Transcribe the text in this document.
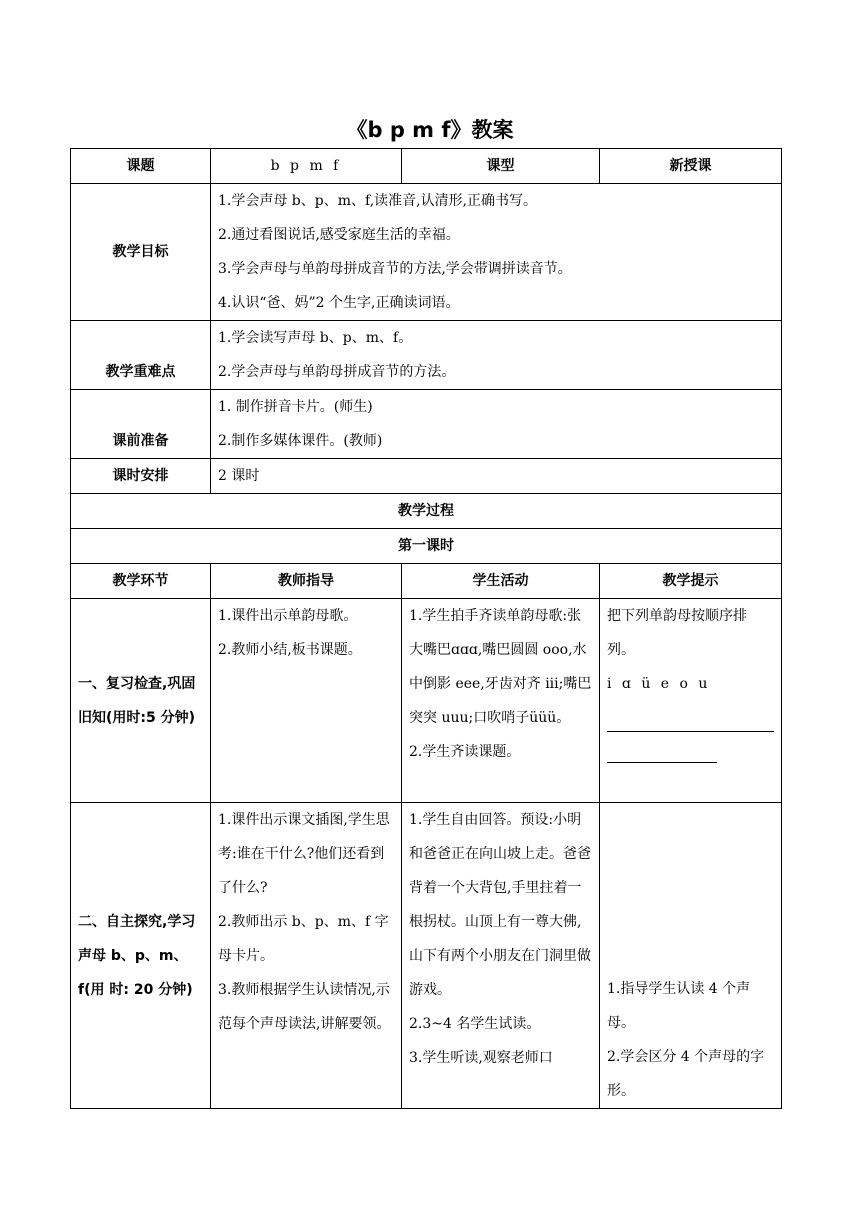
《b p m f》教案
课题	b p m f	课型	新授课
教学目标	1.学会声母 b、p、m、f,读准音,认清形,正确书写。
2.通过看图说话,感受家庭生活的幸福。
3.学会声母与单韵母拼成音节的方法,学会带调拼读音节。
4.认识“爸、妈”2 个生字,正确读词语。		

教学重难点	1.学会读写声母 b、p、m、f。
2.学会声母与单韵母拼成音节的方法。		

课前准备	1. 制作拼音卡片。(师生)
2.制作多媒体课件。(教师)		

课时安排	2 课时		
教学过程			
第一课时			
教学环节	教师指导	学生活动	教学提示
一、复习检查,巩固旧知(用时:5 分钟)	1.课件出示单韵母歌。
2.教师小结,板书课题。	1.学生拍手齐读单韵母歌:张大嘴巴ɑɑɑ,嘴巴圆圆 ooo,水中倒影 eee,牙齿对齐 iii;嘴巴突突 uuu;口吹哨子üüü。
2.学生齐读课题。	把下列单韵母按顺序排列。
i ɑ ü e o u

二、自主探究,学习声母 b、p、m、f(用 时: 20 分钟)	1.课件出示课文插图,学生思考:谁在干什么?他们还看到了什么?
2.教师出示 b、p、m、f 字母卡片。
3.教师根据学生认读情况,示范每个声母读法,讲解要领。	1.学生自由回答。预设:小明和爸爸正在向山坡上走。爸爸背着一个大背包,手里拄着一根拐杖。山顶上有一尊大佛,山下有两个小朋友在门洞里做游戏。
2.3~4 名学生试读。
3.学生听读,观察老师口	1.指导学生认读 4 个声母。
2.学会区分 4 个声母的字形。
